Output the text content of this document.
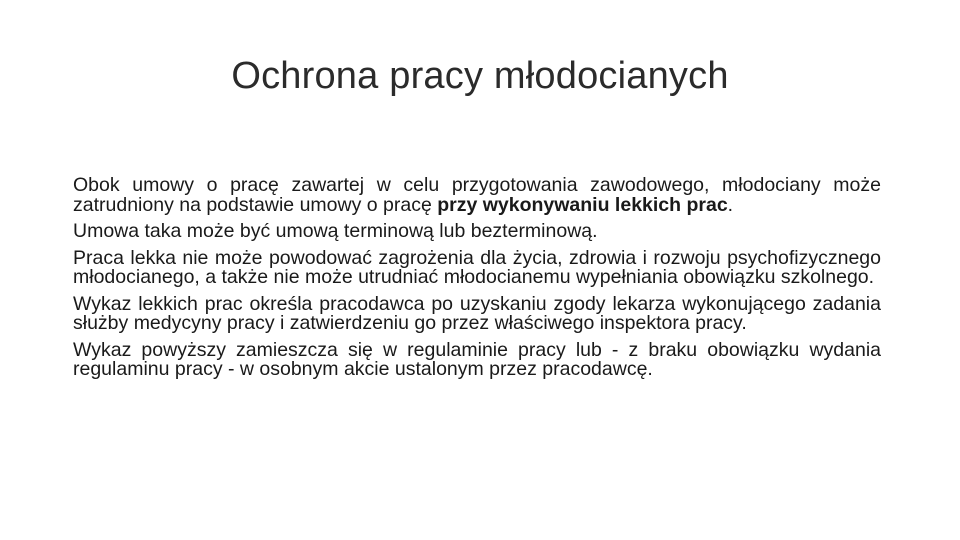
Ochrona pracy młodocianych

Obok umowy o pracę zawartej w celu przygotowania zawodowego, młodociany może zatrudniony na podstawie umowy o pracę przy wykonywaniu lekkich prac.

Umowa taka może być umową terminową lub bezterminową.

Praca lekka nie może powodować zagrożenia dla życia, zdrowia i rozwoju psychofizycznego młodocianego, a także nie może utrudniać młodocianemu wypełniania obowiązku szkolnego.

Wykaz lekkich prac określa pracodawca po uzyskaniu zgody lekarza wykonującego zadania służby medycyny pracy i zatwierdzeniu go przez właściwego inspektora pracy.

Wykaz powyższy zamieszcza się w regulaminie pracy lub - z braku obowiązku wydania regulaminu pracy - w osobnym akcie ustalonym przez pracodawcę.
